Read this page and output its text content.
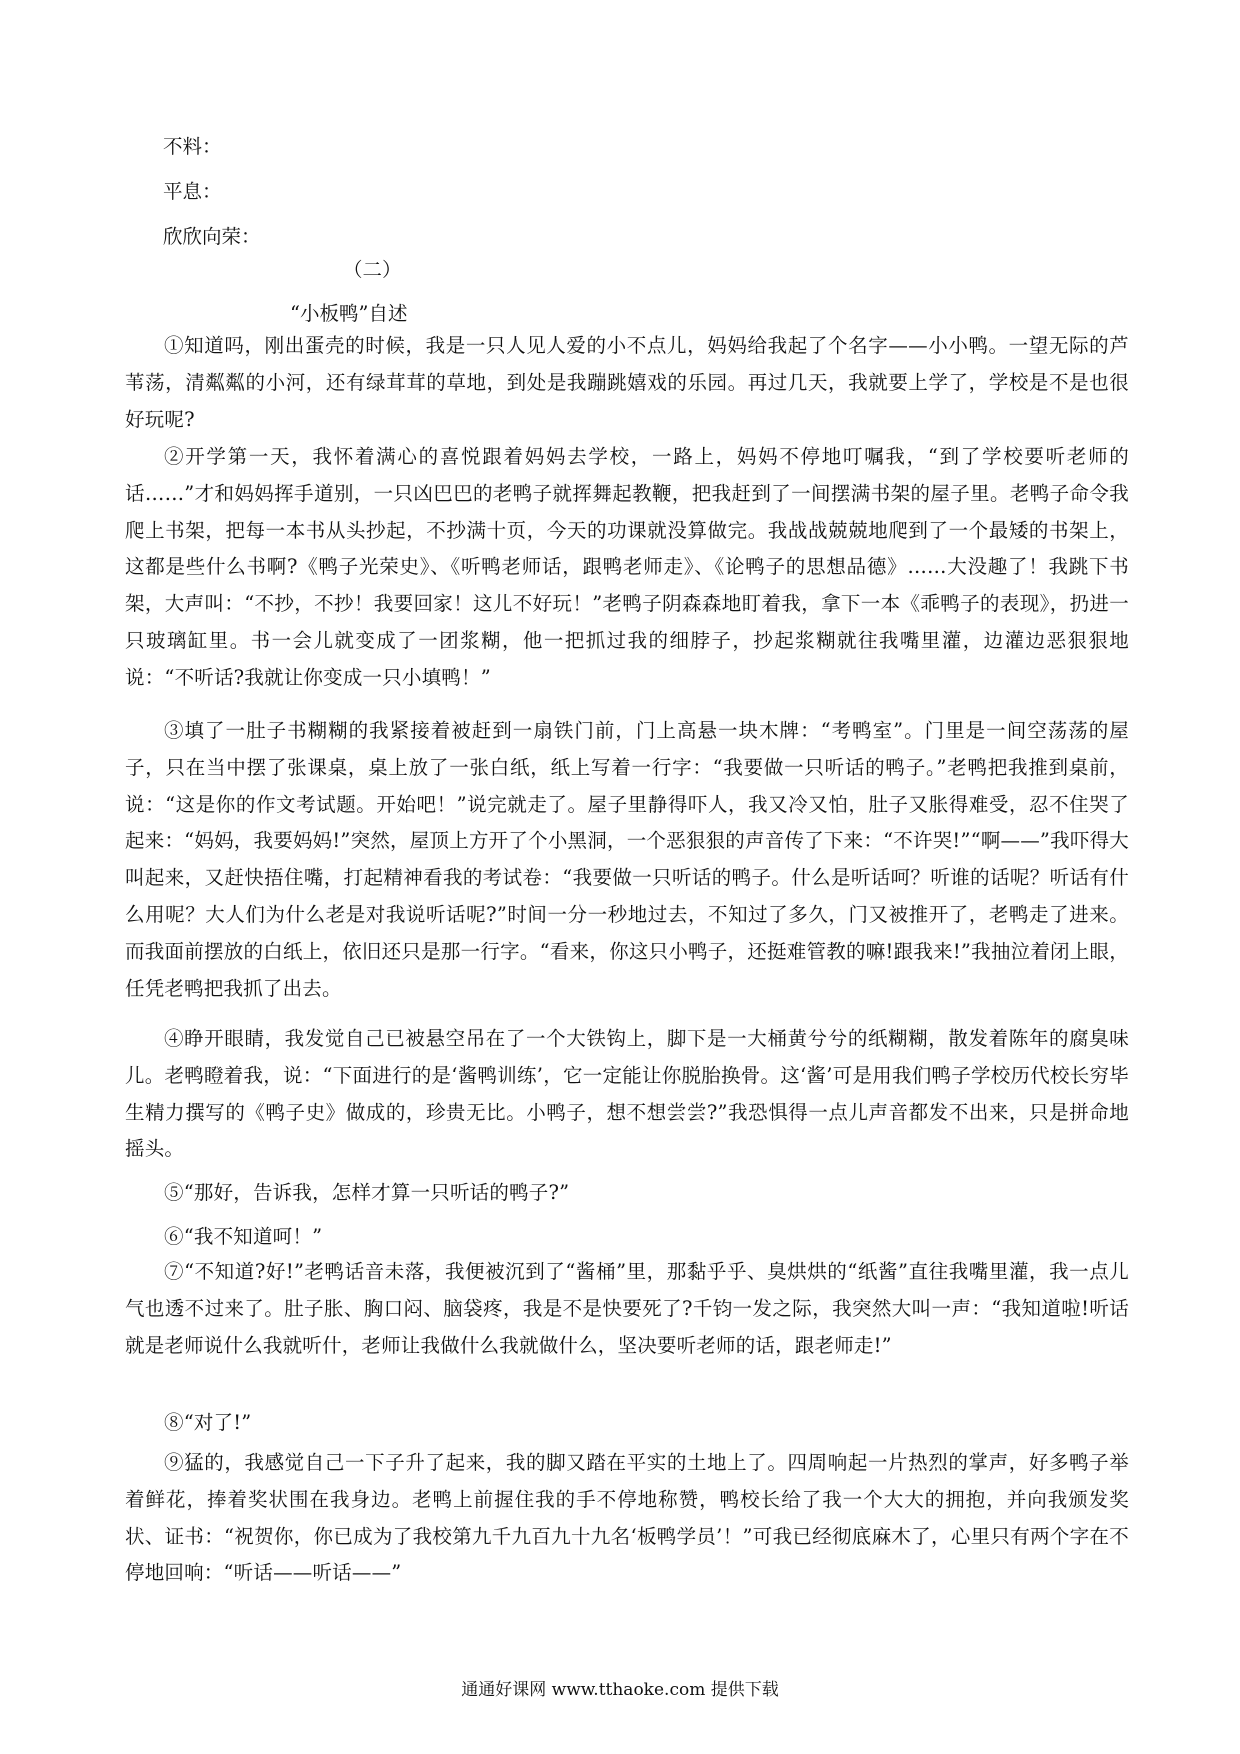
不料：
平息：
欣欣向荣：
（二）
“小板鸭”自述

①知道吗，刚出蛋壳的时候，我是一只人见人爱的小不点儿，妈妈给我起了个名字——小小鸭。一望无际的芦苇荡，清粼粼的小河，还有绿茸茸的草地，到处是我蹦跳嬉戏的乐园。再过几天，我就要上学了，学校是不是也很好玩呢?

②开学第一天，我怀着满心的喜悦跟着妈妈去学校，一路上，妈妈不停地叮嘱我，“到了学校要听老师的话……”才和妈妈挥手道别，一只凶巴巴的老鸭子就挥舞起教鞭，把我赶到了一间摆满书架的屋子里。老鸭子命令我爬上书架，把每一本书从头抄起，不抄满十页，今天的功课就没算做完。我战战兢兢地爬到了一个最矮的书架上，这都是些什么书啊?《鸭子光荣史》、《听鸭老师话，跟鸭老师走》、《论鸭子的思想品德》……大没趣了！我跳下书架，大声叫：“不抄，不抄！我要回家！这儿不好玩！”老鸭子阴森森地盯着我，拿下一本《乖鸭子的表现》，扔进一只玻璃缸里。书一会儿就变成了一团浆糊，他一把抓过我的细脖子，抄起浆糊就往我嘴里灌，边灌边恶狠狠地说：“不听话?我就让你变成一只小填鸭！”

③填了一肚子书糊糊的我紧接着被赶到一扇铁门前，门上高悬一块木牌：“考鸭室”。门里是一间空荡荡的屋子，只在当中摆了张课桌，桌上放了一张白纸，纸上写着一行字：“我要做一只听话的鸭子。”老鸭把我推到桌前，说：“这是你的作文考试题。开始吧！”说完就走了。屋子里静得吓人，我又冷又怕，肚子又胀得难受，忍不住哭了起来：“妈妈，我要妈妈!”突然，屋顶上方开了个小黑洞，一个恶狠狠的声音传了下来：“不许哭!”“啊——”我吓得大叫起来，又赶快捂住嘴，打起精神看我的考试卷：“我要做一只听话的鸭子。什么是听话呵？听谁的话呢？听话有什么用呢？大人们为什么老是对我说听话呢?”时间一分一秒地过去，不知过了多久，门又被推开了，老鸭走了进来。而我面前摆放的白纸上，依旧还只是那一行字。“看来，你这只小鸭子，还挺难管教的嘛!跟我来!”我抽泣着闭上眼，任凭老鸭把我抓了出去。

④睁开眼睛，我发觉自己已被悬空吊在了一个大铁钩上，脚下是一大桶黄兮兮的纸糊糊，散发着陈年的腐臭味儿。老鸭瞪着我，说：“下面进行的是‘酱鸭训练’，它一定能让你脱胎换骨。这‘酱’可是用我们鸭子学校历代校长穷毕生精力撰写的《鸭子史》做成的，珍贵无比。小鸭子，想不想尝尝?”我恐惧得一点儿声音都发不出来，只是拼命地摇头。

⑤“那好，告诉我，怎样才算一只听话的鸭子?”

⑥“我不知道呵！”

⑦“不知道?好!”老鸭话音未落，我便被沉到了“酱桶”里，那黏乎乎、臭烘烘的“纸酱”直往我嘴里灌，我一点儿气也透不过来了。肚子胀、胸口闷、脑袋疼，我是不是快要死了?千钧一发之际，我突然大叫一声：“我知道啦!听话就是老师说什么我就听什，老师让我做什么我就做什么，坚决要听老师的话，跟老师走!”

⑧“对了!”

⑨猛的，我感觉自己一下子升了起来，我的脚又踏在平实的土地上了。四周响起一片热烈的掌声，好多鸭子举着鲜花，捧着奖状围在我身边。老鸭上前握住我的手不停地称赞，鸭校长给了我一个大大的拥抱，并向我颁发奖状、证书：“祝贺你，你已成为了我校第九千九百九十九名‘板鸭学员’！”可我已经彻底麻木了，心里只有两个字在不停地回响：“听话——听话——”

通通好课网 www.tthaoke.com 提供下载
